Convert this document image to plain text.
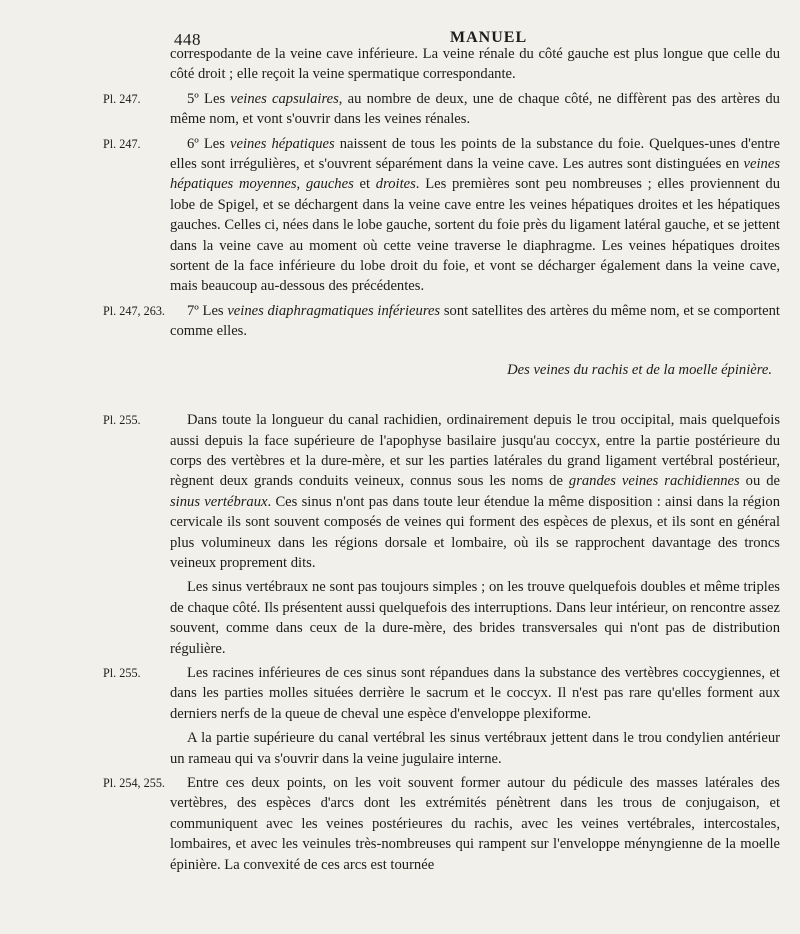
448	MANUEL

correspodante de la veine cave inférieure. La veine rénale du côté gauche est plus longue que celle du côté droit ; elle reçoit la veine spermatique correspondante.

Pl. 247.	5º Les veines capsulaires, au nombre de deux, une de chaque côté, ne diffèrent pas des artères du même nom, et vont s'ouvrir dans les veines rénales.

Pl. 247.	6º Les veines hépatiques naissent de tous les points de la substance du foie. Quelques-unes d'entre elles sont irrégulières, et s'ouvrent séparément dans la veine cave. Les autres sont distinguées en veines hépatiques moyennes, gauches et droites. Les premières sont peu nombreuses ; elles proviennent du lobe de Spigel, et se déchargent dans la veine cave entre les veines hépatiques droites et les hépatiques gauches. Celles ci, nées dans le lobe gauche, sortent du foie près du ligament latéral gauche, et se jettent dans la veine cave au moment où cette veine traverse le diaphragme. Les veines hépatiques droites sortent de la face inférieure du lobe droit du foie, et vont se décharger également dans la veine cave, mais beaucoup au-dessous des précédentes.

Pl. 247, 263. 7º Les veines diaphragmatiques inférieures sont satellites des artères du même nom, et se comportent comme elles.

Des veines du rachis et de la moelle épinière.

Pl. 255.	Dans toute la longueur du canal rachidien, ordinairement depuis le trou occipital, mais quelquefois aussi depuis la face supérieure de l'apophyse basilaire jusqu'au coccyx, entre la partie postérieure du corps des vertèbres et la dure-mère, et sur les parties latérales du grand ligament vertébral postérieur, règnent deux grands conduits veineux, connus sous les noms de grandes veines rachidiennes ou de sinus vertébraux. Ces sinus n'ont pas dans toute leur étendue la même disposition : ainsi dans la région cervicale ils sont souvent composés de veines qui forment des espèces de plexus, et ils sont en général plus volumineux dans les régions dorsale et lombaire, où ils se rapprochent davantage des troncs veineux proprement dits.

Les sinus vertébraux ne sont pas toujours simples ; on les trouve quelquefois doubles et même triples de chaque côté. Ils présentent aussi quelquefois des interruptions. Dans leur intérieur, on rencontre assez souvent, comme dans ceux de la dure-mère, des brides transversales qui n'ont pas de distribution régulière.

Pl. 255.	Les racines inférieures de ces sinus sont répandues dans la substance des vertèbres coccygiennes, et dans les parties molles situées derrière le sacrum et le coccyx. Il n'est pas rare qu'elles forment aux derniers nerfs de la queue de cheval une espèce d'enveloppe plexiforme.

A la partie supérieure du canal vertébral les sinus vertébraux jettent dans le trou condylien antérieur un rameau qui va s'ouvrir dans la veine jugulaire interne.

Pl. 254, 255. Entre ces deux points, on les voit souvent former autour du pédicule des masses latérales des vertèbres, des espèces d'arcs dont les extrémités pénètrent dans les trous de conjugaison, et communiquent avec les veines postérieures du rachis, avec les veines vertébrales, intercostales, lombaires, et avec les veinules très-nombreuses qui rampent sur l'enveloppe ményngienne de la moelle épinière. La convexité de ces arcs est tournée
